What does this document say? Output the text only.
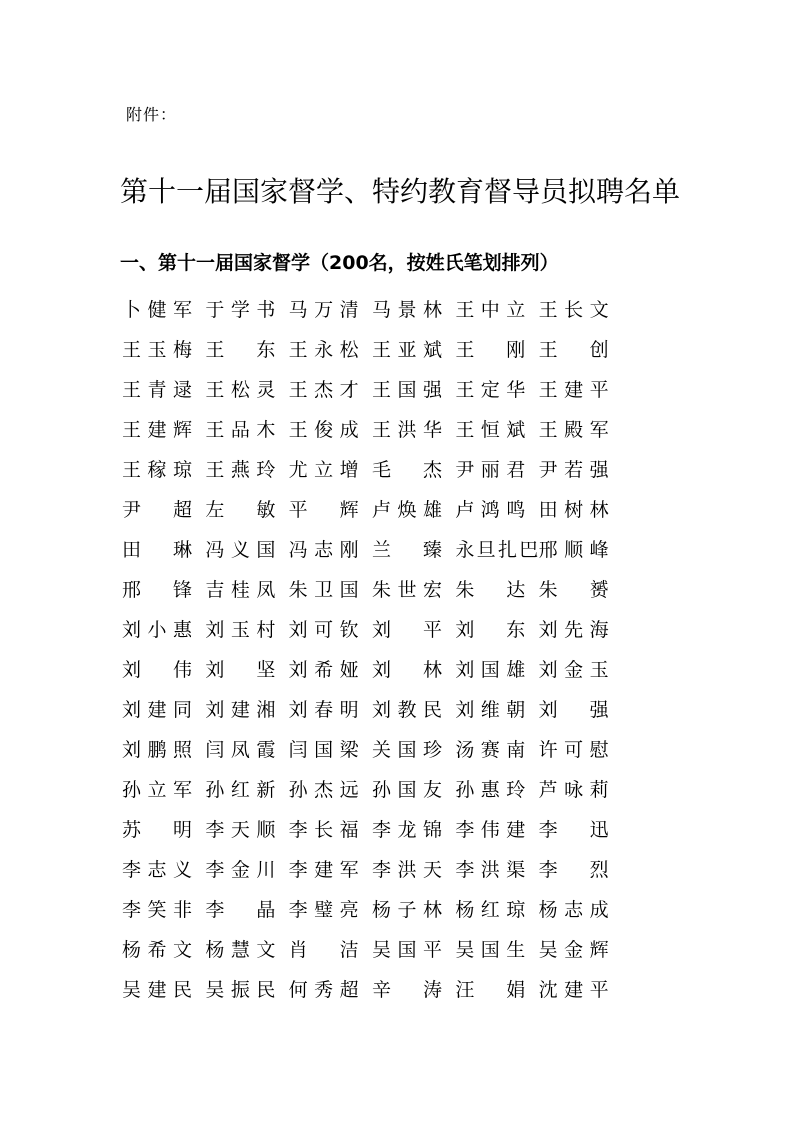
附件：
第十一届国家督学、特约教育督导员拟聘名单
一、第十一届国家督学（200名，按姓氏笔划排列）
卜健军 于学书 马万清 马景林 王中立 王长文
王玉梅 王　东 王永松 王亚斌 王　刚 王　创
王青逯 王松灵 王杰才 王国强 王定华 王建平
王建辉 王品木 王俊成 王洪华 王恒斌 王殿军
王稼琼 王燕玲 尤立增 毛　杰 尹丽君 尹若强
尹　超 左　敏 平　辉 卢焕雄 卢鸿鸣 田树林
田　琳 冯义国 冯志刚 兰　臻 永旦扎巴 邢顺峰
邢　锋 吉桂凤 朱卫国 朱世宏 朱　达 朱　赟
刘小惠 刘玉村 刘可钦 刘　平 刘　东 刘先海
刘　伟 刘　坚 刘希娅 刘　林 刘国雄 刘金玉
刘建同 刘建湘 刘春明 刘教民 刘维朝 刘　强
刘鹏照 闫凤霞 闫国梁 关国珍 汤赛南 许可慰
孙立军 孙红新 孙杰远 孙国友 孙惠玲 芦咏莉
苏　明 李天顺 李长福 李龙锦 李伟建 李　迅
李志义 李金川 李建军 李洪天 李洪渠 李　烈
李笑非 李　晶 李璧亮 杨子林 杨红琼 杨志成
杨希文 杨慧文 肖　洁 吴国平 吴国生 吴金辉
吴建民 吴振民 何秀超 辛　涛 汪　娟 沈建平
